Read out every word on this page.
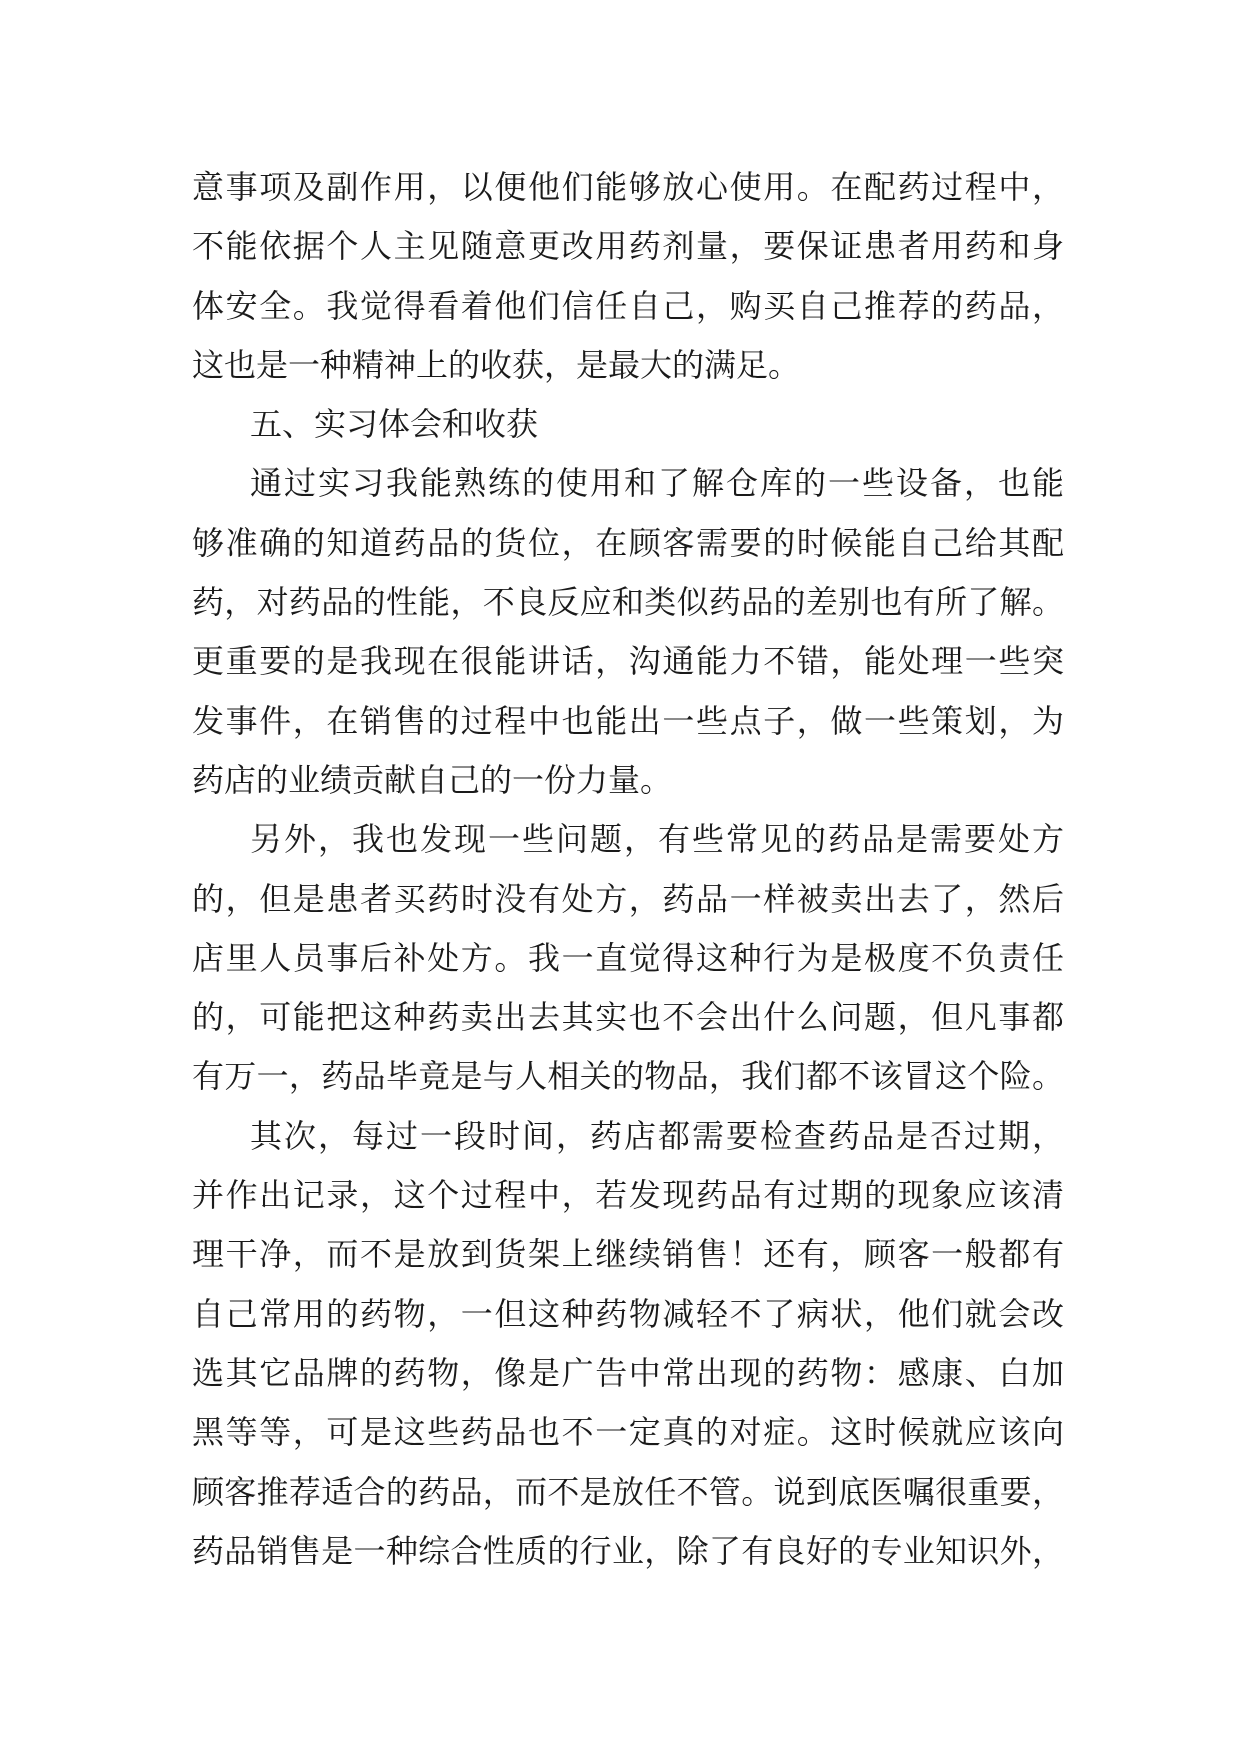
意事项及副作用，以便他们能够放心使用。在配药过程中，
不能依据个人主见随意更改用药剂量，要保证患者用药和身
体安全。我觉得看着他们信任自己，购买自己推荐的药品，
这也是一种精神上的收获，是最大的满足。
五、实习体会和收获
通过实习我能熟练的使用和了解仓库的一些设备，也能
够准确的知道药品的货位，在顾客需要的时候能自己给其配
药，对药品的性能，不良反应和类似药品的差别也有所了解。
更重要的是我现在很能讲话，沟通能力不错，能处理一些突
发事件，在销售的过程中也能出一些点子，做一些策划，为
药店的业绩贡献自己的一份力量。
另外，我也发现一些问题，有些常见的药品是需要处方
的，但是患者买药时没有处方，药品一样被卖出去了，然后
店里人员事后补处方。我一直觉得这种行为是极度不负责任
的，可能把这种药卖出去其实也不会出什么问题，但凡事都
有万一，药品毕竟是与人相关的物品，我们都不该冒这个险。
其次，每过一段时间，药店都需要检查药品是否过期，
并作出记录，这个过程中，若发现药品有过期的现象应该清
理干净，而不是放到货架上继续销售！还有，顾客一般都有
自己常用的药物，一但这种药物减轻不了病状，他们就会改
选其它品牌的药物，像是广告中常出现的药物：感康、白加
黑等等，可是这些药品也不一定真的对症。这时候就应该向
顾客推荐适合的药品，而不是放任不管。说到底医嘱很重要，
药品销售是一种综合性质的行业，除了有良好的专业知识外，
